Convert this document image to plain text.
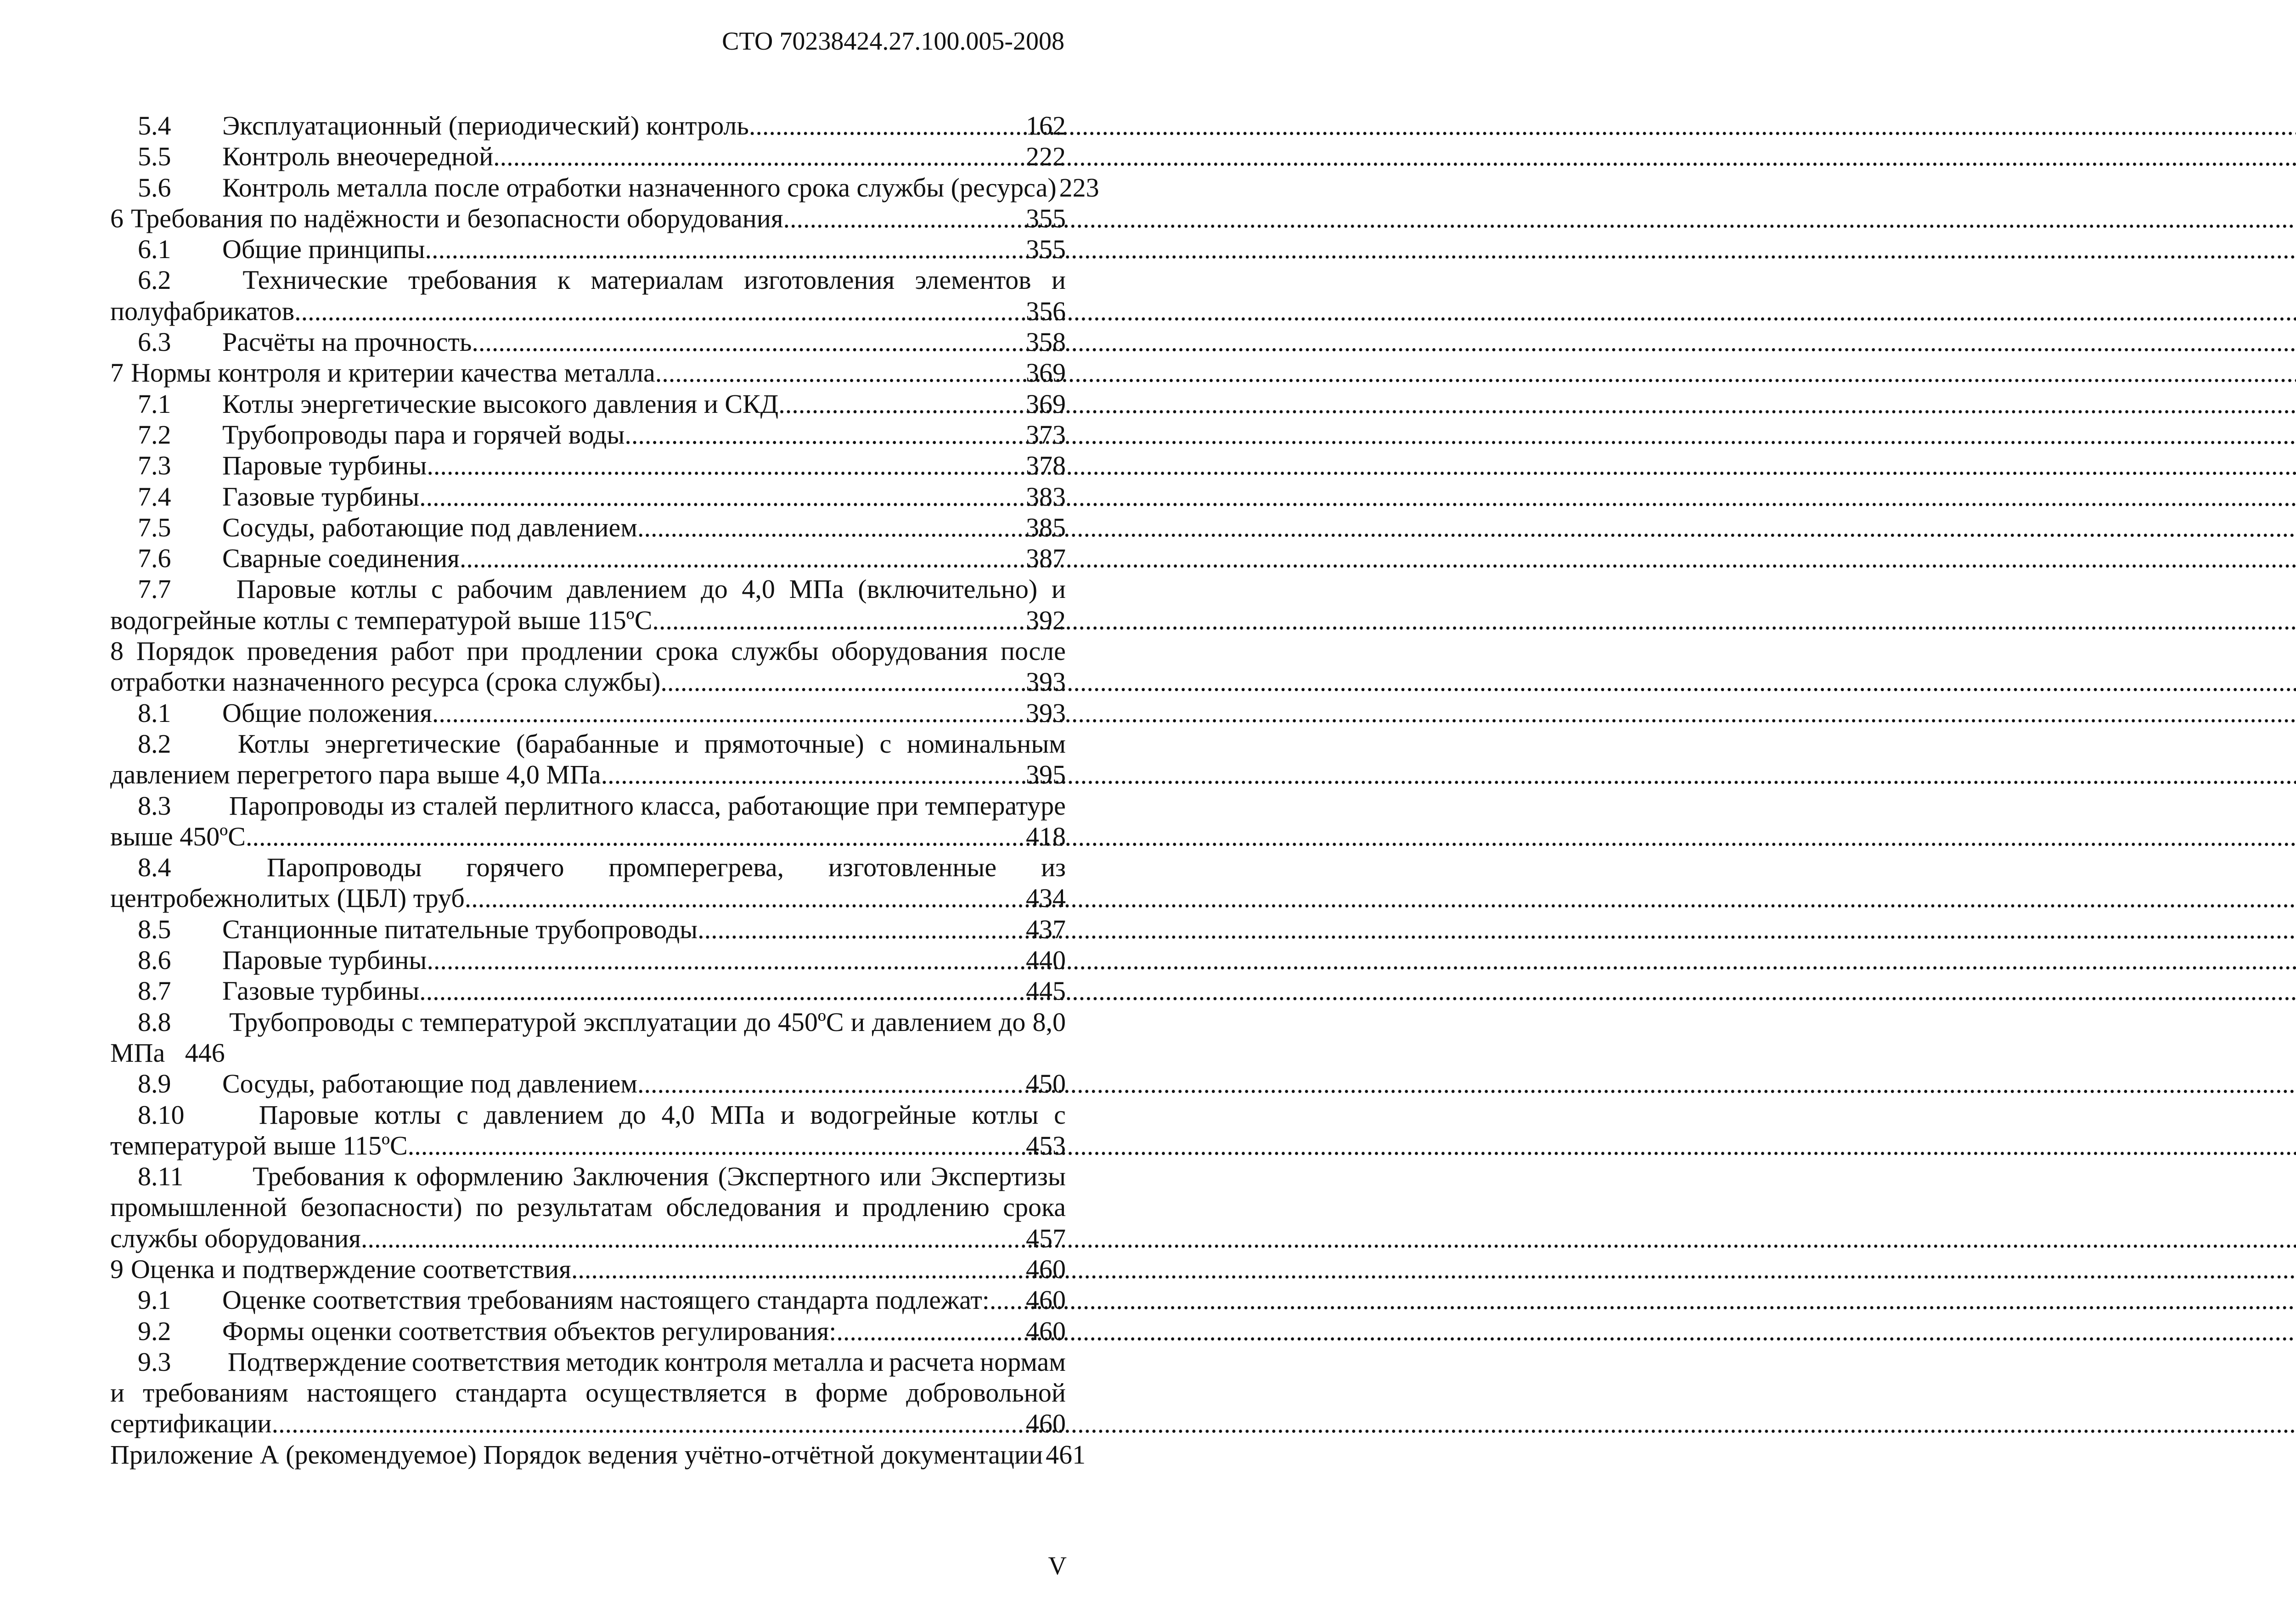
СТО 70238424.27.100.005-2008
5.4	Эксплуатационный (периодический) контроль .....	162
5.5	Контроль внеочередной .....	222
5.6	Контроль металла после отработки назначенного срока службы (ресурса) 223
6 Требования по надёжности и безопасности оборудования .....	355
6.1	Общие принципы .....	355
6.2	Технические требования к материалам изготовления элементов и
полуфабрикатов .....	356
6.3	Расчёты на прочность .....	358
7 Нормы контроля и критерии качества металла .....	369
7.1	Котлы энергетические высокого давления и СКД .....	369
7.2	Трубопроводы пара и горячей воды .....	373
7.3	Паровые турбины .....	378
7.4	Газовые турбины .....	383
7.5	Сосуды, работающие под давлением .....	385
7.6	Сварные соединения .....	387
7.7	Паровые котлы с рабочим давлением до 4,0 МПа (включительно) и
водогрейные котлы с температурой выше 115ºС .....	392
8 Порядок проведения работ при продлении срока службы оборудования после
отработки назначенного ресурса (срока службы) .....	393
8.1	Общие положения .....	393
8.2	Котлы энергетические (барабанные и прямоточные) с номинальным
давлением перегретого пара выше 4,0 МПа .....	395
8.3	Паропроводы из сталей перлитного класса, работающие при температуре
выше 450ºС .....	418
8.4	Паропроводы горячего промперегрева, изготовленные из
центробежнолитых (ЦБЛ) труб .....	434
8.5	Станционные питательные трубопроводы .....	437
8.6	Паровые турбины .....	440
8.7	Газовые турбины .....	445
8.8	Трубопроводы с температурой эксплуатации до 450ºС и давлением до 8,0
МПа   446
8.9	Сосуды, работающие под давлением .....	450
8.10	Паровые котлы с давлением до 4,0 МПа и водогрейные котлы с
температурой выше 115ºС. .....	453
8.11	Требования к оформлению Заключения (Экспертного или Экспертизы
промышленной безопасности) по результатам обследования и продлению срока
службы оборудования. .....	457
9 Оценка и подтверждение соответствия .....	460
9.1	Оценке соответствия требованиям настоящего стандарта подлежат: ..... 460
9.2	Формы оценки соответствия объектов регулирования: .....	460
9.3	Подтверждение соответствия методик контроля металла и расчета нормам
и требованиям настоящего стандарта осуществляется в форме добровольной
сертификации. .....	460
Приложение А (рекомендуемое) Порядок ведения учётно-отчётной документации 461
V
